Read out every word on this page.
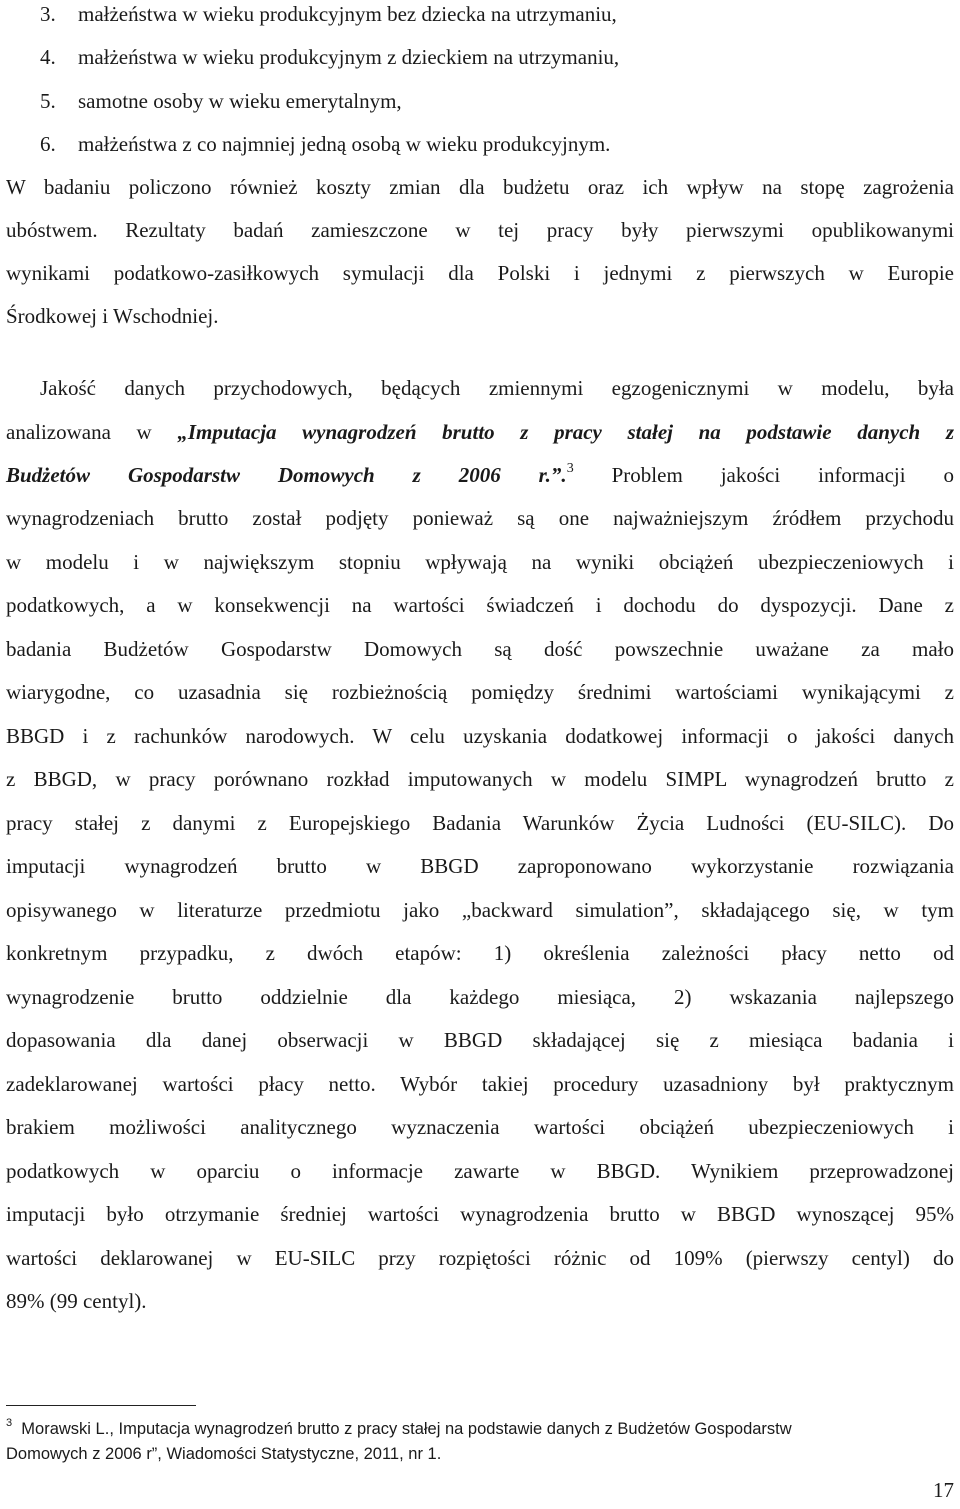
3. małżeństwa w wieku produkcyjnym bez dziecka na utrzymaniu,
4. małżeństwa w wieku produkcyjnym z dzieckiem na utrzymaniu,
5. samotne osoby w wieku emerytalnym,
6. małżeństwa z co najmniej jedną osobą w wieku produkcyjnym.
W badaniu policzono również koszty zmian dla budżetu oraz ich wpływ na stopę zagrożenia
ubóstwem. Rezultaty badań zamieszczone w tej pracy były pierwszymi opublikowanymi
wynikami podatkowo-zasiłkowych symulacji dla Polski i jednymi z pierwszych w Europie
Środkowej i Wschodniej.
Jakość danych przychodowych, będących zmiennymi egzogenicznymi w modelu, była
analizowana w „Imputacja wynagrodzeń brutto z pracy stałej na podstawie danych z
Budżetów Gospodarstw Domowych z 2006 r.”.$^3$ Problem jakości informacji o
wynagrodzeniach brutto został podjęty ponieważ są one najważniejszym źródłem przychodu
w modelu i w największym stopniu wpływają na wyniki obciążeń ubezpieczeniowych i
podatkowych, a w konsekwencji na wartości świadczeń i dochodu do dyspozycji. Dane z
badania Budżetów Gospodarstw Domowych są dość powszechnie uważane za mało
wiarygodne, co uzasadnia się rozbieżnością pomiędzy średnimi wartościami wynikającymi z
BBGD i z rachunków narodowych. W celu uzyskania dodatkowej informacji o jakości danych
z BBGD, w pracy porównano rozkład imputowanych w modelu SIMPL wynagrodzeń brutto z
pracy stałej z danymi z Europejskiego Badania Warunków Życia Ludności (EU-SILC). Do
imputacji wynagrodzeń brutto w BBGD zaproponowano wykorzystanie rozwiązania
opisywanego w literaturze przedmiotu jako „backward simulation”, składającego się, w tym
konkretnym przypadku, z dwóch etapów: 1) określenia zależności płacy netto od
wynagrodzenie brutto oddzielnie dla każdego miesiąca, 2) wskazania najlepszego
dopasowania dla danej obserwacji w BBGD składającej się z miesiąca badania i
zadeklarowanej wartości płacy netto. Wybór takiej procedury uzasadniony był praktycznym
brakiem możliwości analitycznego wyznaczenia wartości obciążeń ubezpieczeniowych i
podatkowych w oparciu o informacje zawarte w BBGD. Wynikiem przeprowadzonej
imputacji było otrzymanie średniej wartości wynagrodzenia brutto w BBGD wynoszącej 95%
wartości deklarowanej w EU-SILC przy rozpiętości różnic od 109% (pierwszy centyl) do
89% (99 centyl).
$^3$ Morawski L., Imputacja wynagrodzeń brutto z pracy stałej na podstawie danych z Budżetów Gospodarstw
Domowych z 2006 r”, Wiadomości Statystyczne, 2011, nr 1.
17
